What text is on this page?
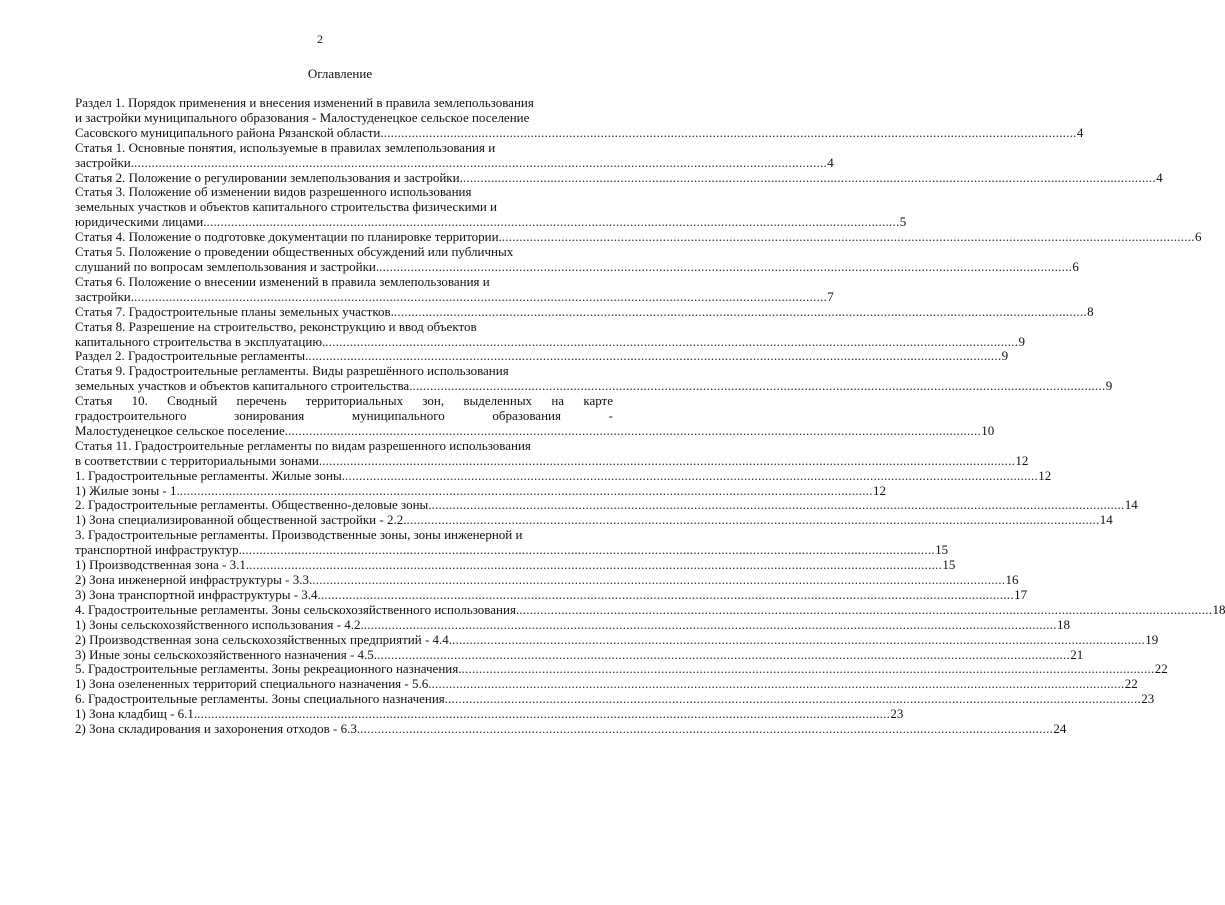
2
Оглавление
Раздел 1. Порядок применения и внесения изменений в правила землепользования
и застройки муниципального образования - Малостуденецкое сельское поселение
Сасовского муниципального района Рязанской области. . . .	4
Статья 1. Основные понятия, используемые в правилах землепользования и
застройки. . . .	4
Статья 2. Положение о регулировании землепользования и застройки. . . .	4
Статья 3. Положение об изменении видов разрешенного использования
земельных участков и объектов капитального строительства физическими и
юридическими лицами. . . .	5
Статья 4. Положение о подготовке документации по планировке территории. . . .	6
Статья 5. Положение о проведении общественных обсуждений или публичных
слушаний по вопросам землепользования и застройки. . . .	6
Статья 6. Положение о внесении изменений в правила землепользования и
застройки. . . .	7
Статья 7. Градостроительные планы земельных участков. . . .	8
Статья 8. Разрешение на строительство, реконструкцию и ввод объектов
капитального строительства в эксплуатацию. . . .	9
Раздел 2. Градостроительные регламенты. . . .	9
Статья 9. Градостроительные регламенты. Виды разрешённого использования
земельных участков и объектов капитального строительства. . . .	9
Статья 10. Сводный перечень территориальных зон, выделенных на карте
градостроительного зонирования муниципального образования -
Малостуденецкое сельское поселение. . . .	10
Статья 11. Градостроительные регламенты по видам разрешенного использования
в соответствии с территориальными зонами. . . .	12
1. Градостроительные регламенты. Жилые зоны. . . .	12
1) Жилые зоны - 1. . . .	12
2. Градостроительные регламенты. Общественно-деловые зоны. . . .	14
1) Зона специализированной общественной застройки - 2.2. . . .	14
3. Градостроительные регламенты. Производственные зоны, зоны инженерной и
транспортной инфраструктур. . . .	15
1) Производственная зона - 3.1. . . .	15
2) Зона инженерной инфраструктуры - 3.3. . . .	16
3) Зона транспортной инфраструктуры - 3.4. . . .	17
4. Градостроительные регламенты. Зоны сельскохозяйственного использования. . . .	18
1) Зоны сельскохозяйственного использования - 4.2. . . .	18
2) Производственная зона сельскохозяйственных предприятий - 4.4. . . .	19
3) Иные зоны сельскохозяйственного назначения - 4.5. . . .	21
5. Градостроительные регламенты. Зоны рекреационного назначения. . . .	22
1) Зона озелененных территорий специального назначения - 5.6. . . .	22
6. Градостроительные регламенты. Зоны специального назначения. . . .	23
1) Зона кладбищ - 6.1. . . .	23
2) Зона складирования и захоронения отходов - 6.3. . . .	24
